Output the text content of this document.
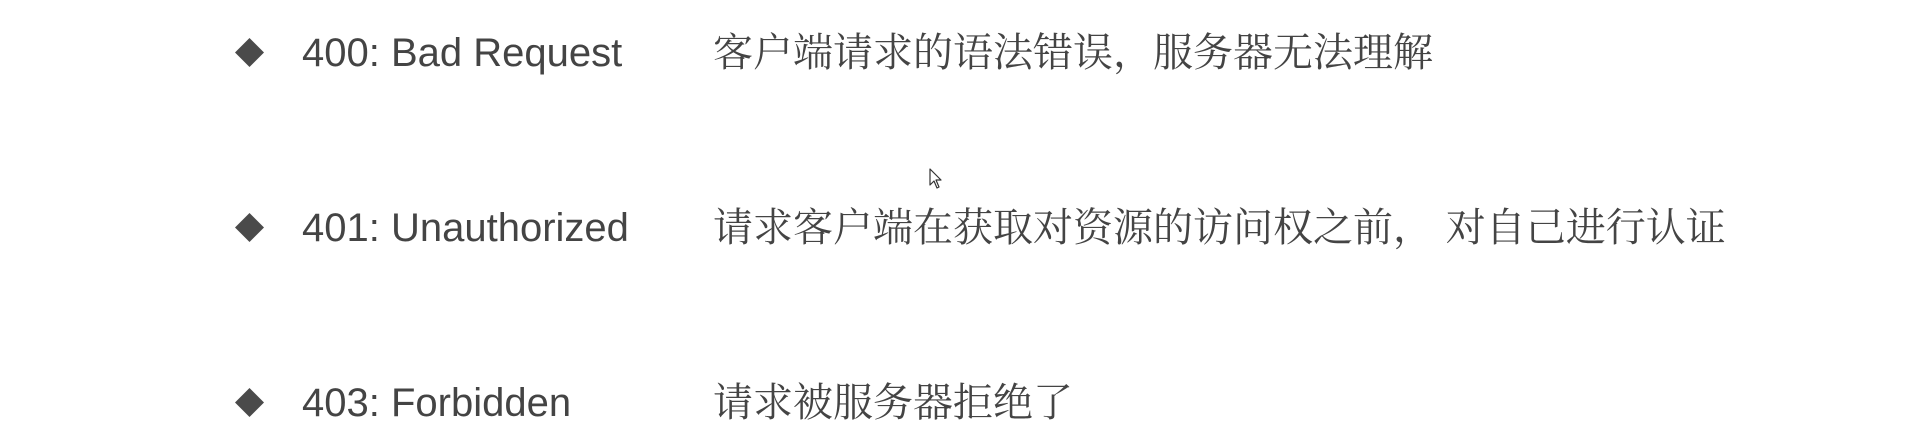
400: Bad Request 客户端请求的语法错误，服务器无法理解
401: Unauthorized 请求客户端在获取对资源的访问权之前， 对自己进行认证
403: Forbidden	请求被服务器拒绝了
